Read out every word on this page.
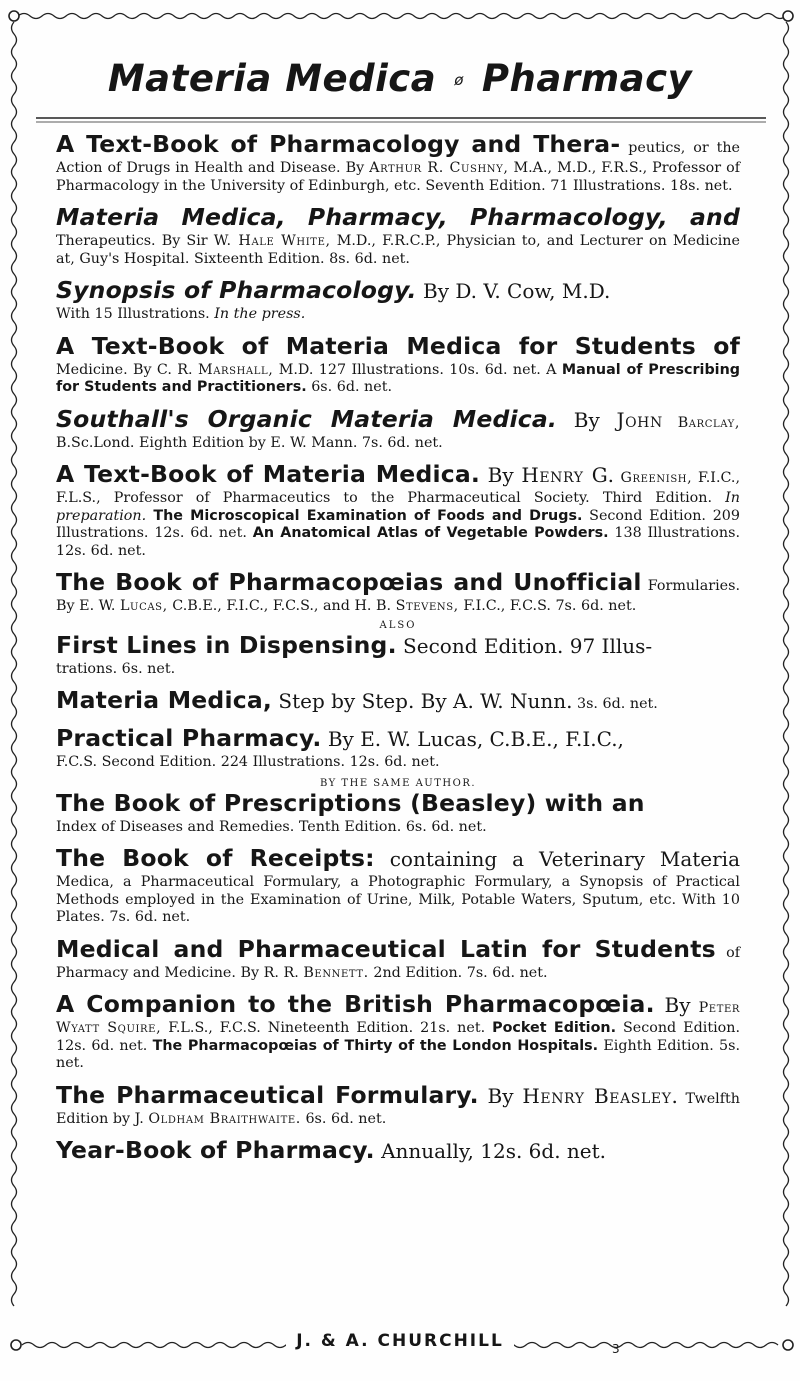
Materia Medica ø Pharmacy

A Text-Book of Pharmacology and Thera- peutics, or the Action of Drugs in Health and Disease. By Arthur R. Cushny, M.A., M.D., F.R.S., Professor of Pharmacology in the University of Edinburgh, etc. Seventh Edition. 71 Illustrations. 18s. net.

Materia Medica, Pharmacy, Pharmacology, and Therapeutics. By Sir W. Hale White, M.D., F.R.C.P., Physician to, and Lecturer on Medicine at, Guy's Hospital. Sixteenth Edition. 8s. 6d. net.

Synopsis of Pharmacology. By D. V. Cow, M.D.
With 15 Illustrations. In the press.

A Text-Book of Materia Medica for Students of Medicine. By C. R. Marshall, M.D. 127 Illustrations. 10s. 6d. net. A Manual of Prescribing for Students and Practitioners. 6s. 6d. net.

Southall's Organic Materia Medica. By John Barclay, B.Sc.Lond. Eighth Edition by E. W. Mann. 7s. 6d. net.

A Text-Book of Materia Medica. By Henry G. Greenish, F.I.C., F.L.S., Professor of Pharmaceutics to the Pharmaceutical Society. Third Edition. In preparation. The Microscopical Examination of Foods and Drugs. Second Edition. 209 Illustrations. 12s. 6d. net. An Anatomical Atlas of Vegetable Powders. 138 Illustrations. 12s. 6d. net.

The Book of Pharmacopœias and Unofficial Formularies. By E. W. Lucas, C.B.E., F.I.C., F.C.S., and H. B. Stevens, F.I.C., F.C.S. 7s. 6d. net.

ALSO

First Lines in Dispensing. Second Edition. 97 Illus-
trations. 6s. net.

Materia Medica, Step by Step. By A. W. Nunn. 3s. 6d. net.

Practical Pharmacy. By E. W. Lucas, C.B.E., F.I.C.,
F.C.S. Second Edition. 224 Illustrations. 12s. 6d. net.

BY THE SAME AUTHOR.

The Book of Prescriptions (Beasley) with an
Index of Diseases and Remedies. Tenth Edition. 6s. 6d. net.

The Book of Receipts: containing a Veterinary Materia Medica, a Pharmaceutical Formulary, a Photographic Formulary, a Synopsis of Practical Methods employed in the Examination of Urine, Milk, Potable Waters, Sputum, etc. With 10 Plates. 7s. 6d. net.

Medical and Pharmaceutical Latin for Students of Pharmacy and Medicine. By R. R. Bennett. 2nd Edition. 7s. 6d. net.

A Companion to the British Pharmacopœia. By Peter Wyatt Squire, F.L.S., F.C.S. Nineteenth Edition. 21s. net. Pocket Edition. Second Edition. 12s. 6d. net. The Pharmacopœias of Thirty of the London Hospitals. Eighth Edition. 5s. net.

The Pharmaceutical Formulary. By Henry Beasley. Twelfth Edition by J. Oldham Braithwaite. 6s. 6d. net.

Year-Book of Pharmacy. Annually, 12s. 6d. net.

J. & A. CHURCHILL	3
